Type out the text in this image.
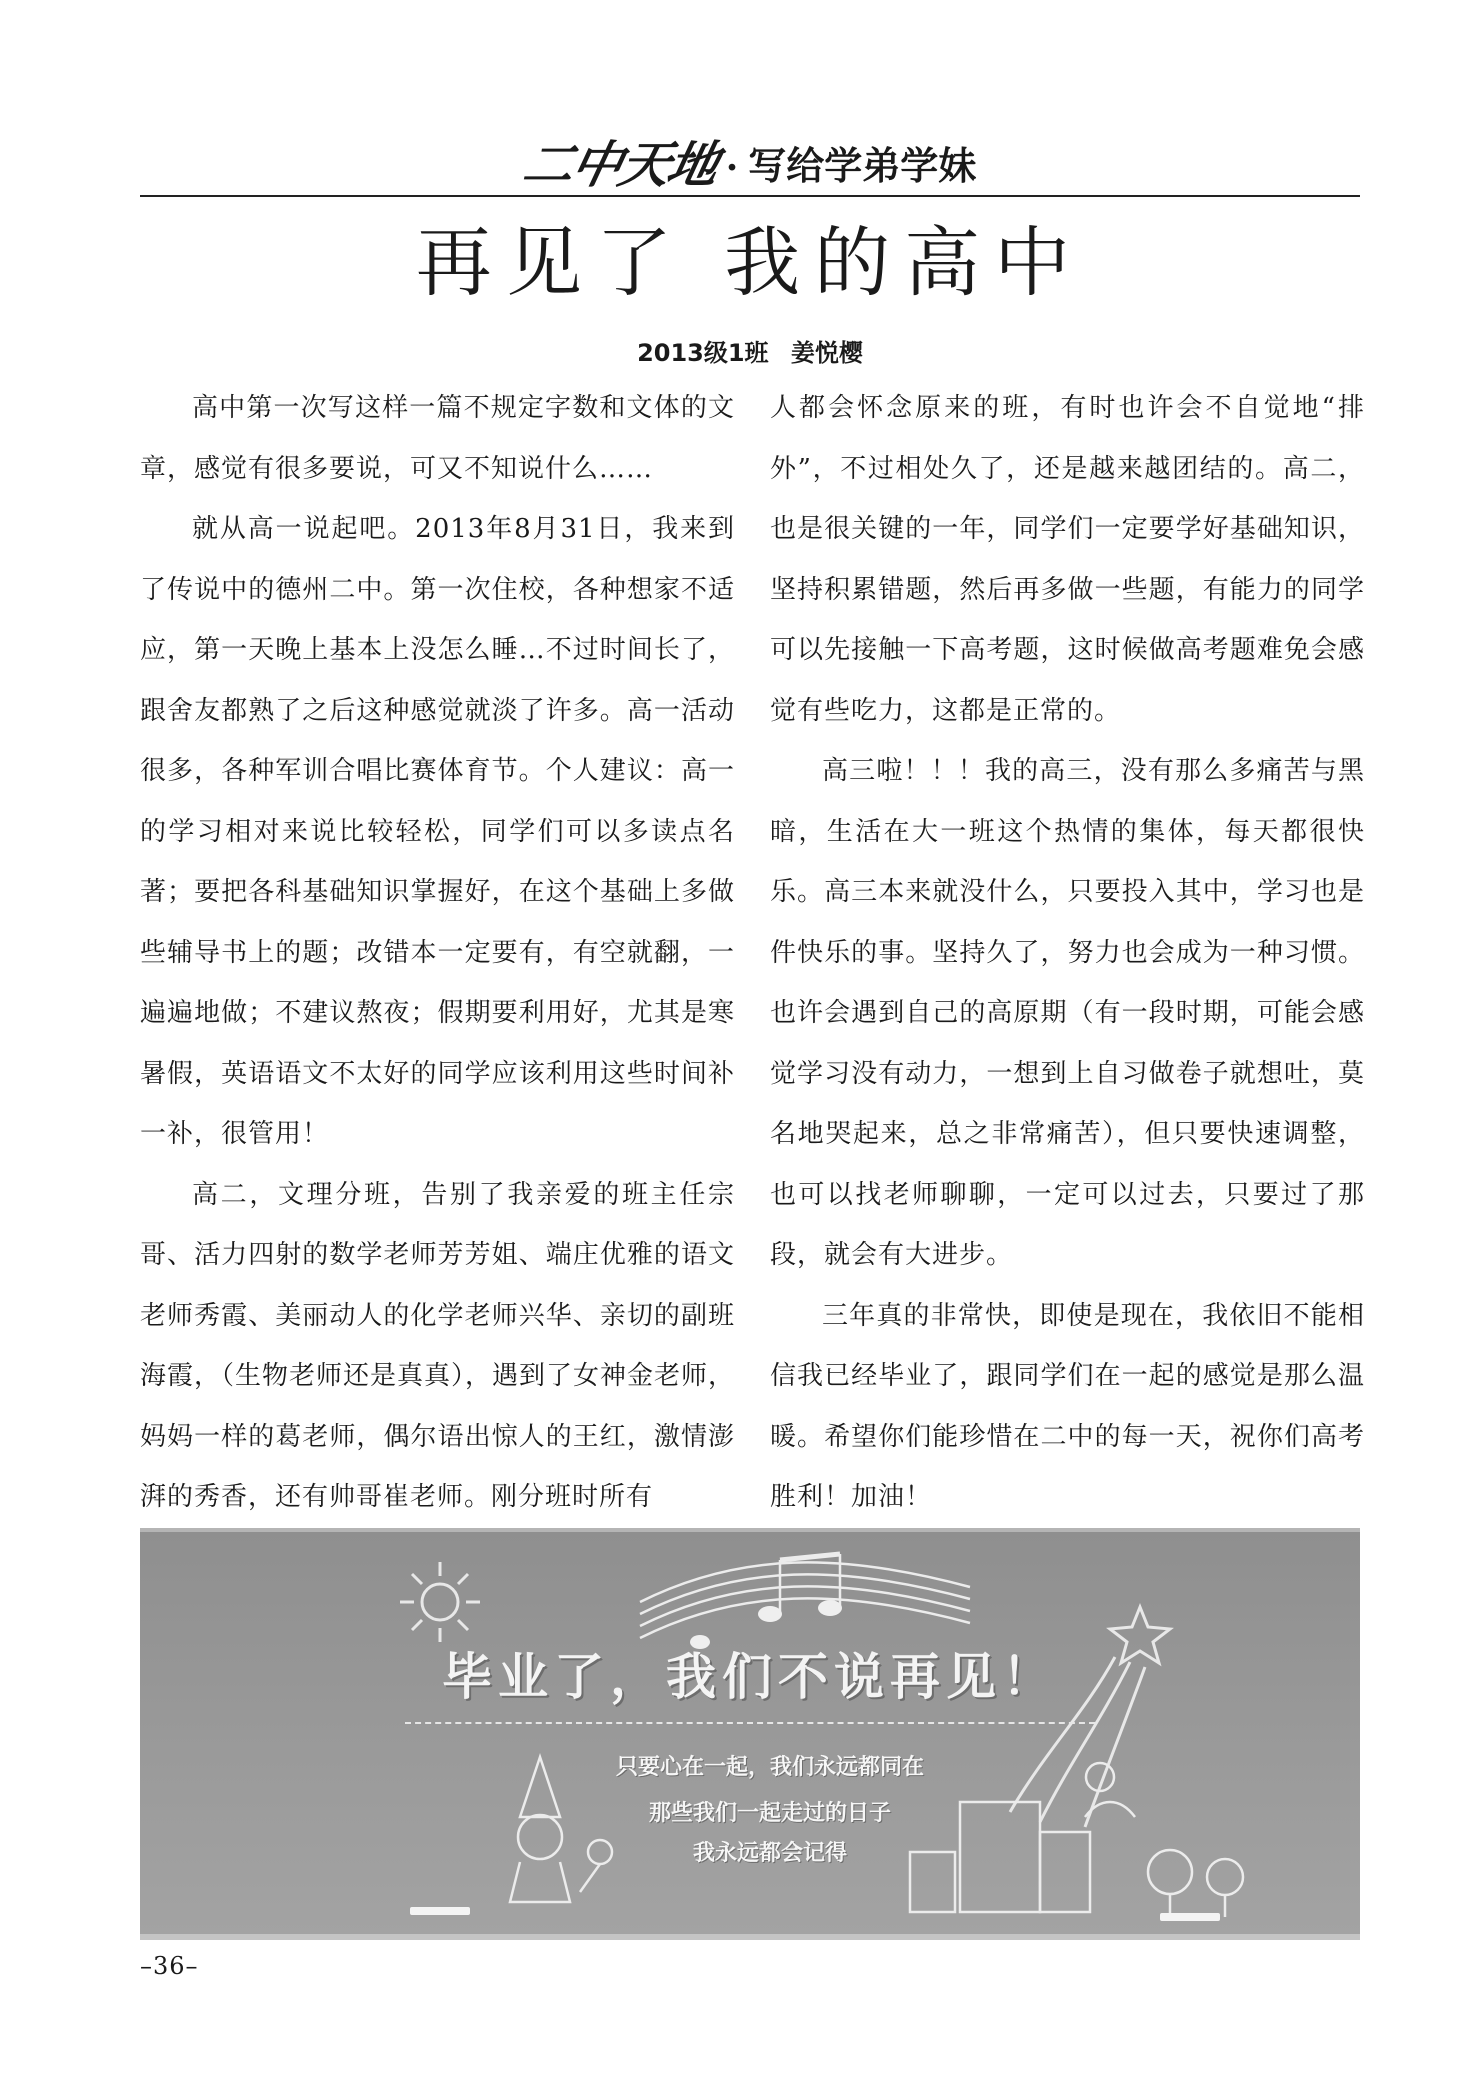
二中天地 · 写给学弟学妹
再见了 我的高中
2013级1班 姜悦樱

高中第一次写这样一篇不规定字数和文体的文章，感觉有很多要说，可又不知说什么……

就从高一说起吧。2013年8月31日，我来到了传说中的德州二中。第一次住校，各种想家不适应，第一天晚上基本上没怎么睡…不过时间长了，跟舍友都熟了之后这种感觉就淡了许多。高一活动很多，各种军训合唱比赛体育节。个人建议：高一的学习相对来说比较轻松，同学们可以多读点名著；要把各科基础知识掌握好，在这个基础上多做些辅导书上的题；改错本一定要有，有空就翻，一遍遍地做；不建议熬夜；假期要利用好，尤其是寒暑假，英语语文不太好的同学应该利用这些时间补一补，很管用！

高二，文理分班，告别了我亲爱的班主任宗哥、活力四射的数学老师芳芳姐、端庄优雅的语文老师秀霞、美丽动人的化学老师兴华、亲切的副班海霞，（生物老师还是真真），遇到了女神金老师，妈妈一样的葛老师，偶尔语出惊人的王红，激情澎湃的秀香，还有帅哥崔老师。刚分班时所有

人都会怀念原来的班，有时也许会不自觉地“排外”，不过相处久了，还是越来越团结的。高二，也是很关键的一年，同学们一定要学好基础知识，坚持积累错题，然后再多做一些题，有能力的同学可以先接触一下高考题，这时候做高考题难免会感觉有些吃力，这都是正常的。

高三啦！！！我的高三，没有那么多痛苦与黑暗，生活在大一班这个热情的集体，每天都很快乐。高三本来就没什么，只要投入其中，学习也是件快乐的事。坚持久了，努力也会成为一种习惯。也许会遇到自己的高原期（有一段时期，可能会感觉学习没有动力，一想到上自习做卷子就想吐，莫名地哭起来，总之非常痛苦），但只要快速调整，也可以找老师聊聊，一定可以过去，只要过了那段，就会有大进步。

三年真的非常快，即使是现在，我依旧不能相信我已经毕业了，跟同学们在一起的感觉是那么温暖。希望你们能珍惜在二中的每一天，祝你们高考胜利！加油！

毕业了，我们不说再见！
只要心在一起，我们永远都同在
那些我们一起走过的日子
我永远都会记得
–36–
